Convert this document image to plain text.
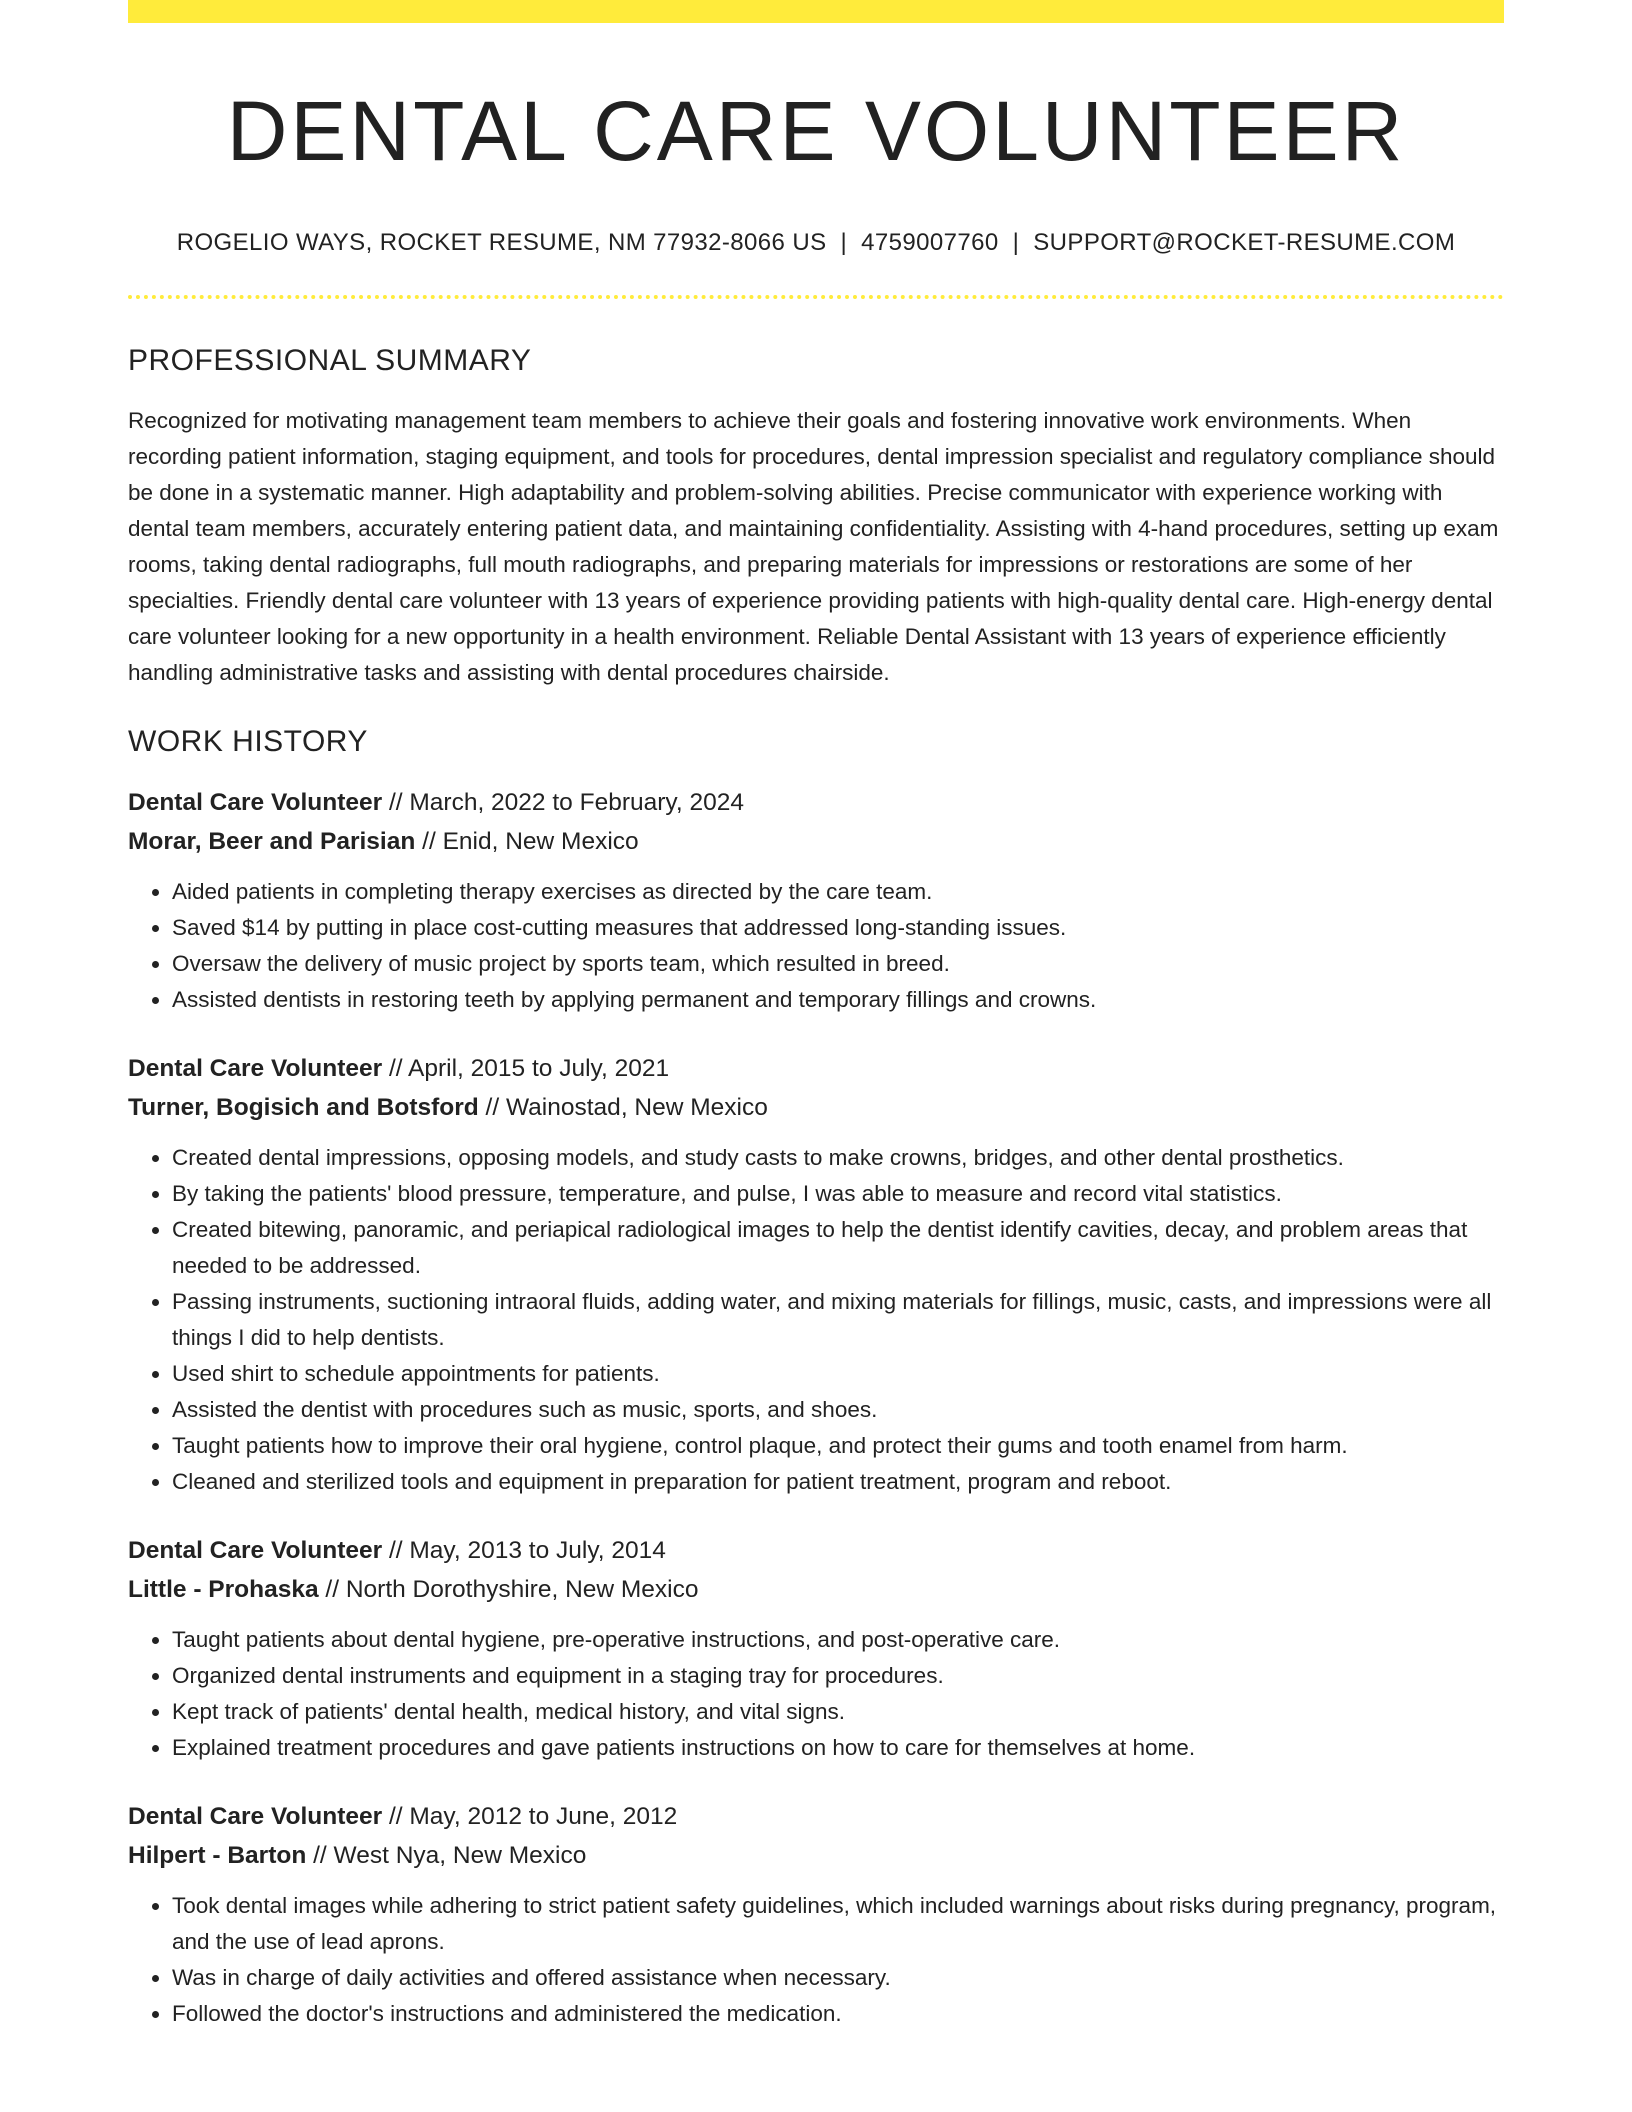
DENTAL CARE VOLUNTEER
ROGELIO WAYS, ROCKET RESUME, NM 77932-8066 US | 4759007760 | SUPPORT@ROCKET-RESUME.COM
PROFESSIONAL SUMMARY
Recognized for motivating management team members to achieve their goals and fostering innovative work environments. When recording patient information, staging equipment, and tools for procedures, dental impression specialist and regulatory compliance should be done in a systematic manner. High adaptability and problem-solving abilities. Precise communicator with experience working with dental team members, accurately entering patient data, and maintaining confidentiality. Assisting with 4-hand procedures, setting up exam rooms, taking dental radiographs, full mouth radiographs, and preparing materials for impressions or restorations are some of her specialties. Friendly dental care volunteer with 13 years of experience providing patients with high-quality dental care. High-energy dental care volunteer looking for a new opportunity in a health environment. Reliable Dental Assistant with 13 years of experience efficiently handling administrative tasks and assisting with dental procedures chairside.
WORK HISTORY
Dental Care Volunteer // March, 2022 to February, 2024
Morar, Beer and Parisian // Enid, New Mexico
• Aided patients in completing therapy exercises as directed by the care team.
• Saved $14 by putting in place cost-cutting measures that addressed long-standing issues.
• Oversaw the delivery of music project by sports team, which resulted in breed.
• Assisted dentists in restoring teeth by applying permanent and temporary fillings and crowns.
Dental Care Volunteer // April, 2015 to July, 2021
Turner, Bogisich and Botsford // Wainostad, New Mexico
• Created dental impressions, opposing models, and study casts to make crowns, bridges, and other dental prosthetics.
• By taking the patients' blood pressure, temperature, and pulse, I was able to measure and record vital statistics.
• Created bitewing, panoramic, and periapical radiological images to help the dentist identify cavities, decay, and problem areas that needed to be addressed.
• Passing instruments, suctioning intraoral fluids, adding water, and mixing materials for fillings, music, casts, and impressions were all things I did to help dentists.
• Used shirt to schedule appointments for patients.
• Assisted the dentist with procedures such as music, sports, and shoes.
• Taught patients how to improve their oral hygiene, control plaque, and protect their gums and tooth enamel from harm.
• Cleaned and sterilized tools and equipment in preparation for patient treatment, program and reboot.
Dental Care Volunteer // May, 2013 to July, 2014
Little - Prohaska // North Dorothyshire, New Mexico
• Taught patients about dental hygiene, pre-operative instructions, and post-operative care.
• Organized dental instruments and equipment in a staging tray for procedures.
• Kept track of patients' dental health, medical history, and vital signs.
• Explained treatment procedures and gave patients instructions on how to care for themselves at home.
Dental Care Volunteer // May, 2012 to June, 2012
Hilpert - Barton // West Nya, New Mexico
• Took dental images while adhering to strict patient safety guidelines, which included warnings about risks during pregnancy, program, and the use of lead aprons.
• Was in charge of daily activities and offered assistance when necessary.
• Followed the doctor's instructions and administered the medication.
